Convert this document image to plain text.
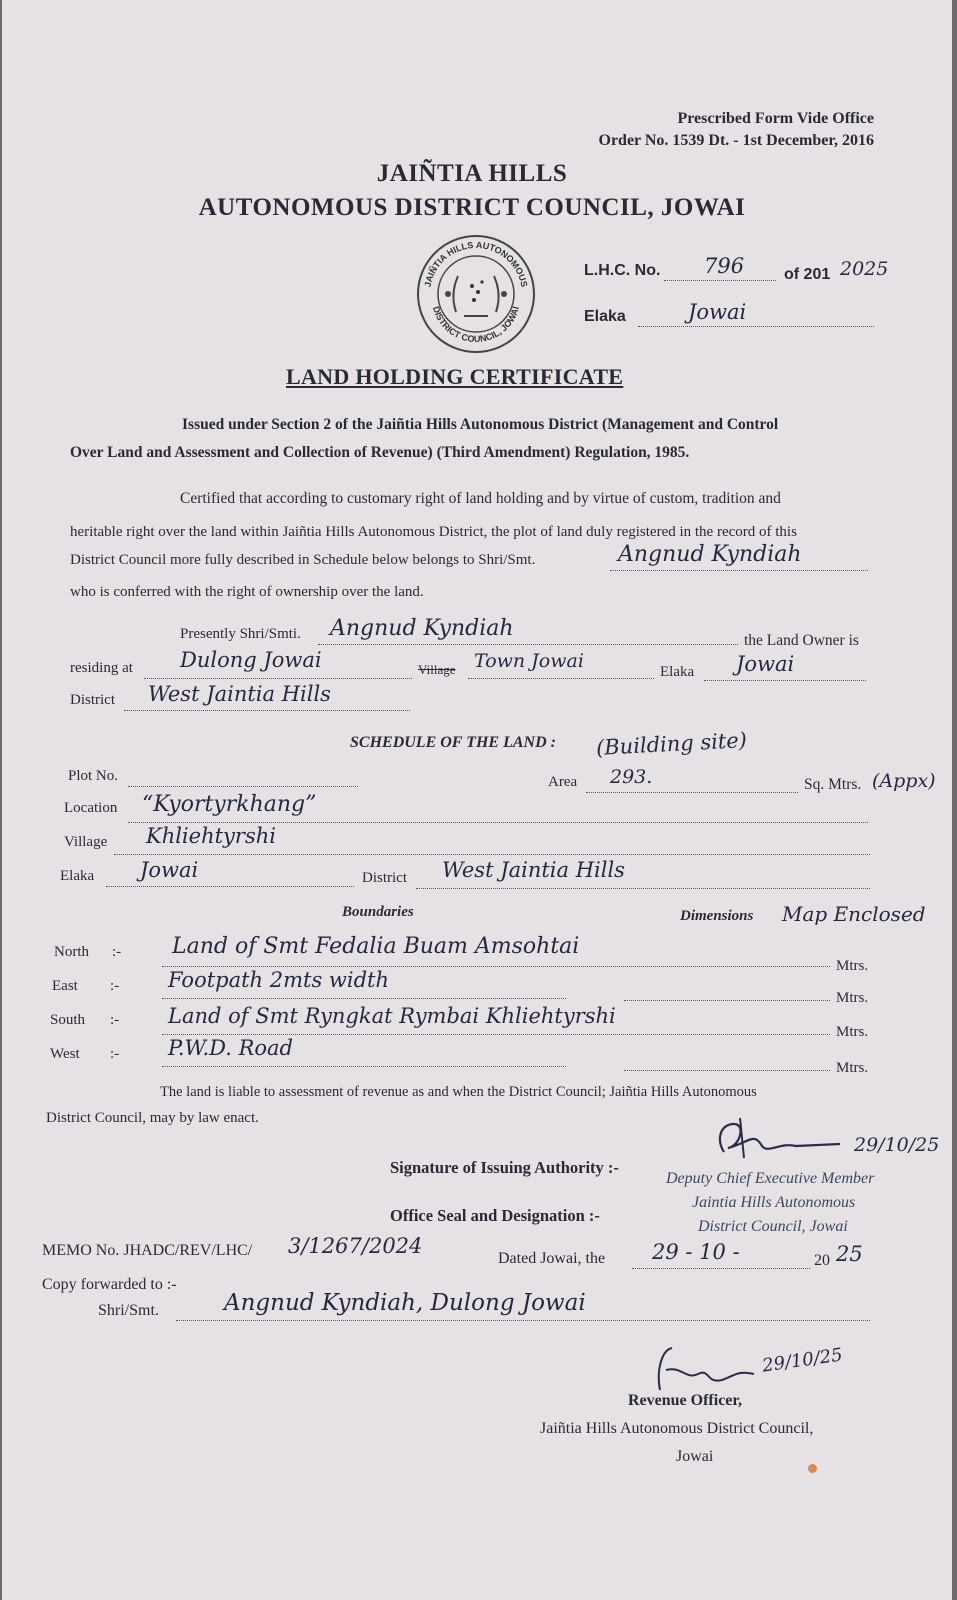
Prescribed Form Vide Office
Order No. 1539 Dt. - 1st December, 2016
JAIÑTIA HILLS
AUTONOMOUS DISTRICT COUNCIL, JOWAI
JAIÑTIA HILLS AUTONOMOUS
DISTRICT COUNCIL, JOWAI
L.H.C. No. 796 of 201 2025
Elaka	Jowai
LAND HOLDING CERTIFICATE
Issued under Section 2 of the Jaiñtia Hills Autonomous District (Management and Control
Over Land and Assessment and Collection of Revenue) (Third Amendment) Regulation, 1985.
Certified that according to customary right of land holding and by virtue of custom, tradition and
heritable right over the land within Jaiñtia Hills Autonomous District, the plot of land duly registered in the record of this
District Council more fully described in Schedule below belongs to Shri/Smt.	Angnud Kyndiah
who is conferred with the right of ownership over the land.
Presently Shri/Smti. Angnud Kyndiah	the Land Owner is
residing at Dulong Jowai	Village Town Jowai	Elaka Jowai
District West Jaintia Hills
SCHEDULE OF THE LAND : (Building site)
Plot No.	Area 293.	Sq. Mtrs. (Appx)
Location “Kyortyrkhang”
Village Khliehtyrshi
Elaka Jowai	District West Jaintia Hills
Boundaries	Dimensions Map Enclosed
North :- Land of Smt Fedalia Buam Amsohtai
Mtrs.
East :- Footpath 2mts width
Mtrs.
South :- Land of Smt Ryngkat Rymbai Khliehtyrshi
Mtrs.
West :- P.W.D. Road
Mtrs.
The land is liable to assessment of revenue as and when the District Council; Jaiñtia Hills Autonomous
District Council, may by law enact.
29/10/25
Signature of Issuing Authority :-
Deputy Chief Executive Member
Jaintia Hills Autonomous
Office Seal and Designation :-
District Council, Jowai
MEMO No. JHADC/REV/LHC/ 3/1267/2024
Dated Jowai, the 29 - 10 -	20 25
Copy forwarded to :-
Shri/Smt.	Angnud Kyndiah, Dulong Jowai
29/10/25
Revenue Officer,
Jaiñtia Hills Autonomous District Council,
Jowai
